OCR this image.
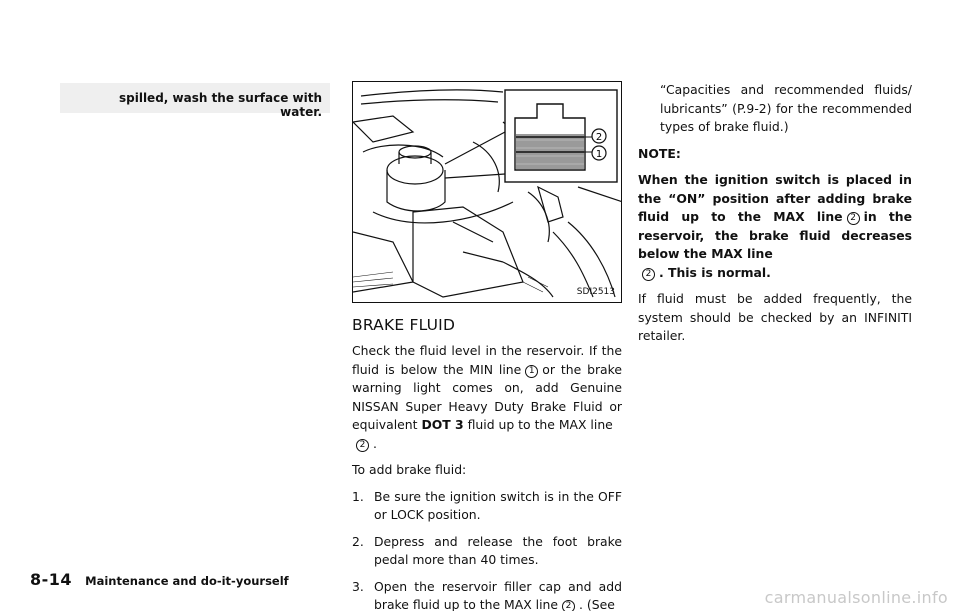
spilled, wash the surface with water.
2
1
SDI2513
BRAKE FLUID
Check the fluid level in the reservoir. If the fluid is below the MIN line 1 or the brake warning light comes on, add Genuine NISSAN Super Heavy Duty Brake Fluid or equivalent DOT 3 fluid up to the MAX line
2 .
To add brake fluid:
1. Be sure the ignition switch is in the OFF or LOCK position.
2. Depress and release the foot brake pedal more than 40 times.
3. Open the reservoir filler cap and add brake fluid up to the MAX line 2 . (See
“Capacities and recommended fluids/ lubricants” (P.9-2) for the recommended types of brake fluid.)
NOTE:
When the ignition switch is placed in the “ON” position after adding brake fluid up to the MAX line 2 in the reservoir, the brake fluid decreases below the MAX line
2 . This is normal.
If fluid must be added frequently, the system should be checked by an INFINITI retailer.
8-14 Maintenance and do-it-yourself
carmanualsonline.info
